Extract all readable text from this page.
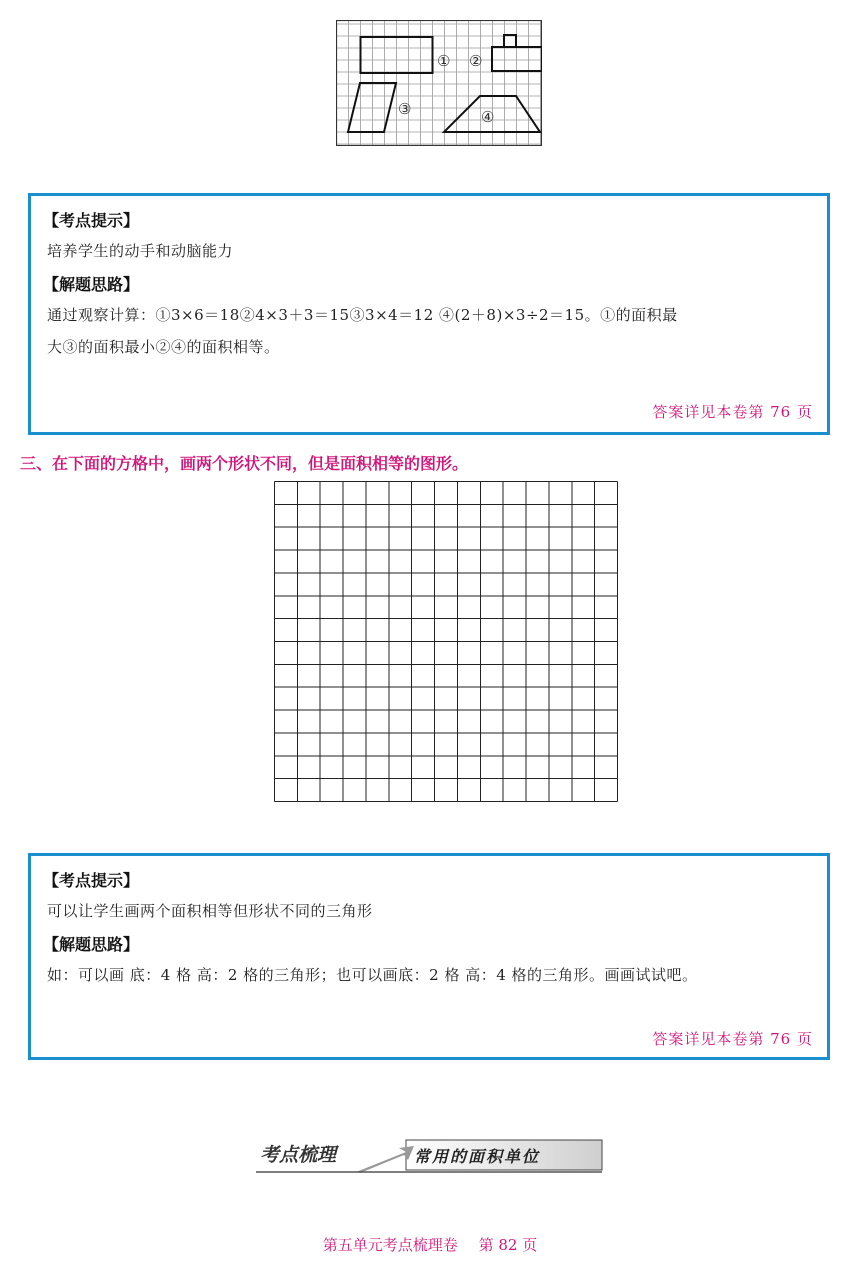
① ②
③	④
【考点提示】
培养学生的动手和动脑能力
【解题思路】
通过观察计算：①3×6＝18②4×3＋3＝15③3×4＝12 ④(2＋8)×3÷2＝15。①的面积最
大③的面积最小②④的面积相等。
答案详见本卷第 76 页
三、在下面的方格中，画两个形状不同，但是面积相等的图形。
【考点提示】
可以让学生画两个面积相等但形状不同的三角形
【解题思路】
如：可以画 底：4 格 高：2 格的三角形；也可以画底：2 格 高：4 格的三角形。画画试试吧。
答案详见本卷第 76 页
考点梳理	常用的面积单位
第五单元考点梳理卷 第 82 页
